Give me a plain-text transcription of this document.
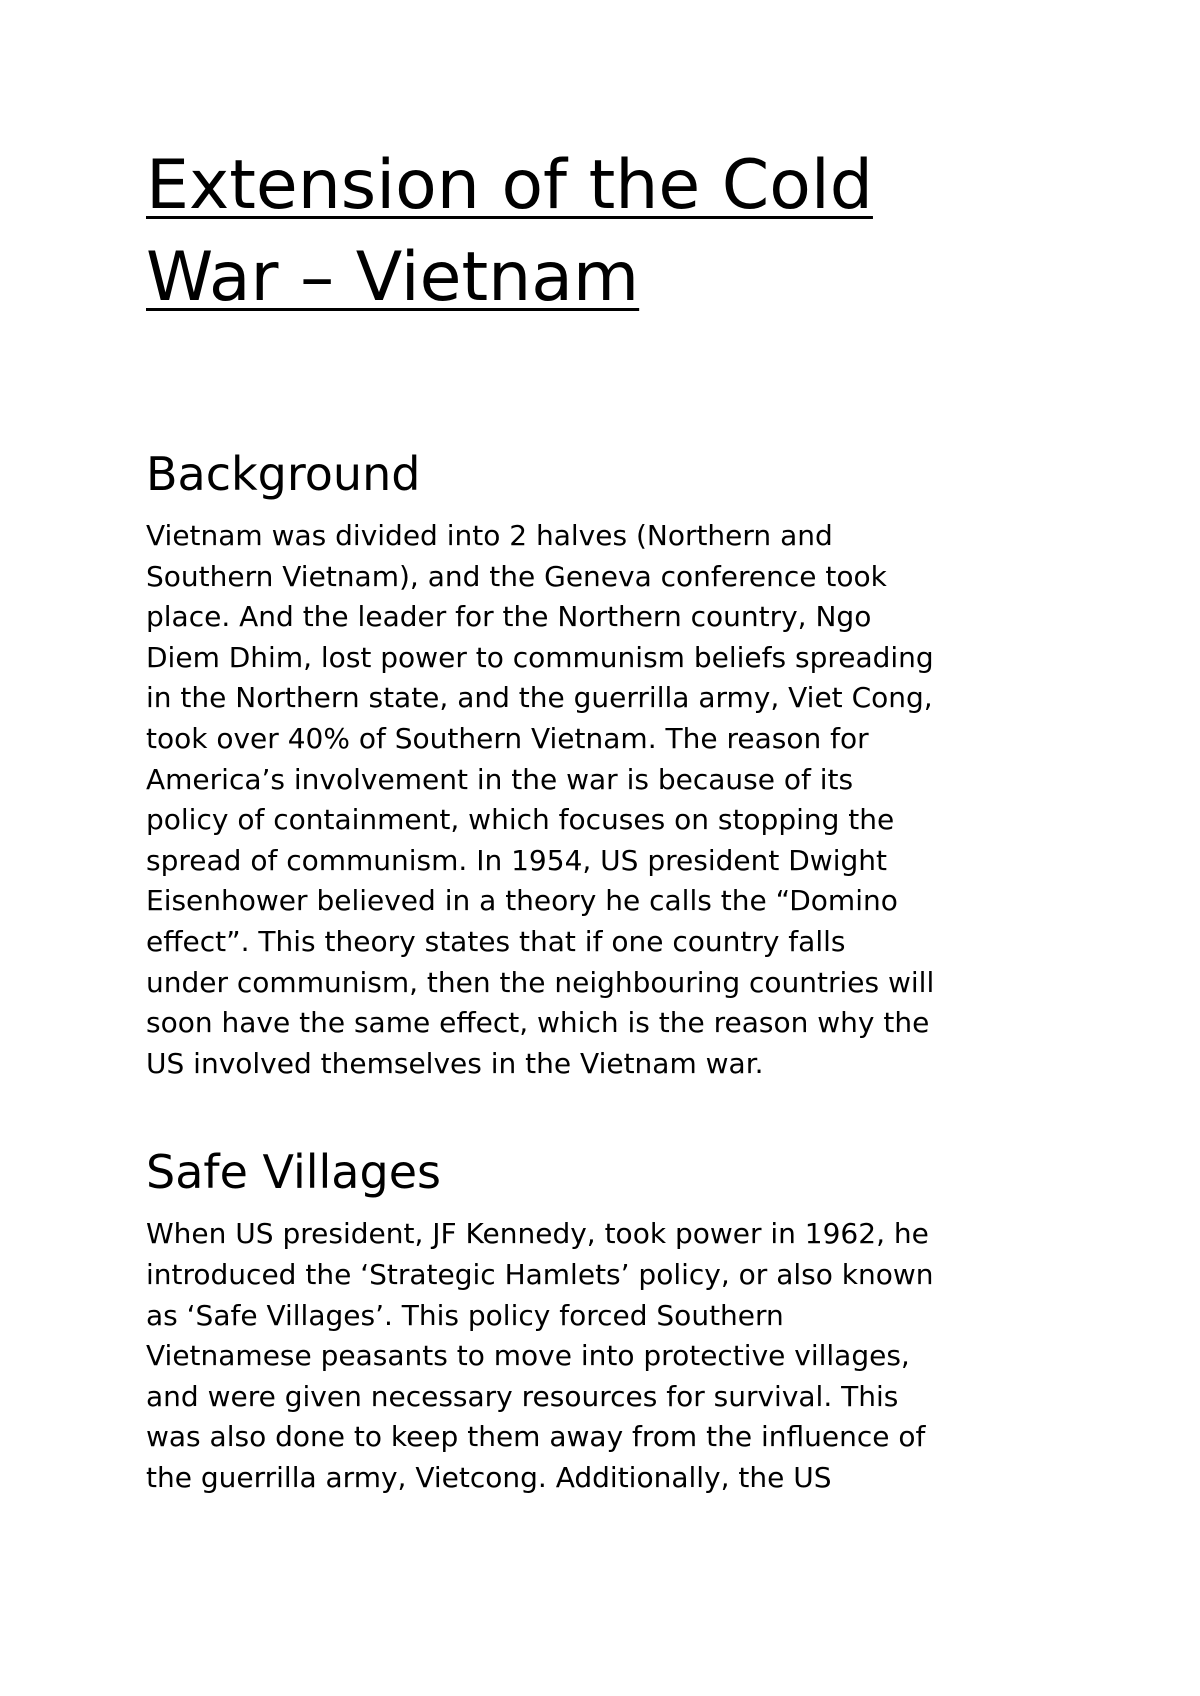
Extension of the Cold
War – Vietnam
Background

Vietnam was divided into 2 halves (Northern and
Southern Vietnam), and the Geneva conference took
place. And the leader for the Northern country, Ngo
Diem Dhim, lost power to communism beliefs spreading
in the Northern state, and the guerrilla army, Viet Cong,
took over 40% of Southern Vietnam. The reason for
America’s involvement in the war is because of its
policy of containment, which focuses on stopping the
spread of communism. In 1954, US president Dwight
Eisenhower believed in a theory he calls the “Domino
effect”. This theory states that if one country falls
under communism, then the neighbouring countries will
soon have the same effect, which is the reason why the
US involved themselves in the Vietnam war.

Safe Villages

When US president, JF Kennedy, took power in 1962, he
introduced the ‘Strategic Hamlets’ policy, or also known
as ‘Safe Villages’. This policy forced Southern
Vietnamese peasants to move into protective villages,
and were given necessary resources for survival. This
was also done to keep them away from the influence of
the guerrilla army, Vietcong. Additionally, the US
